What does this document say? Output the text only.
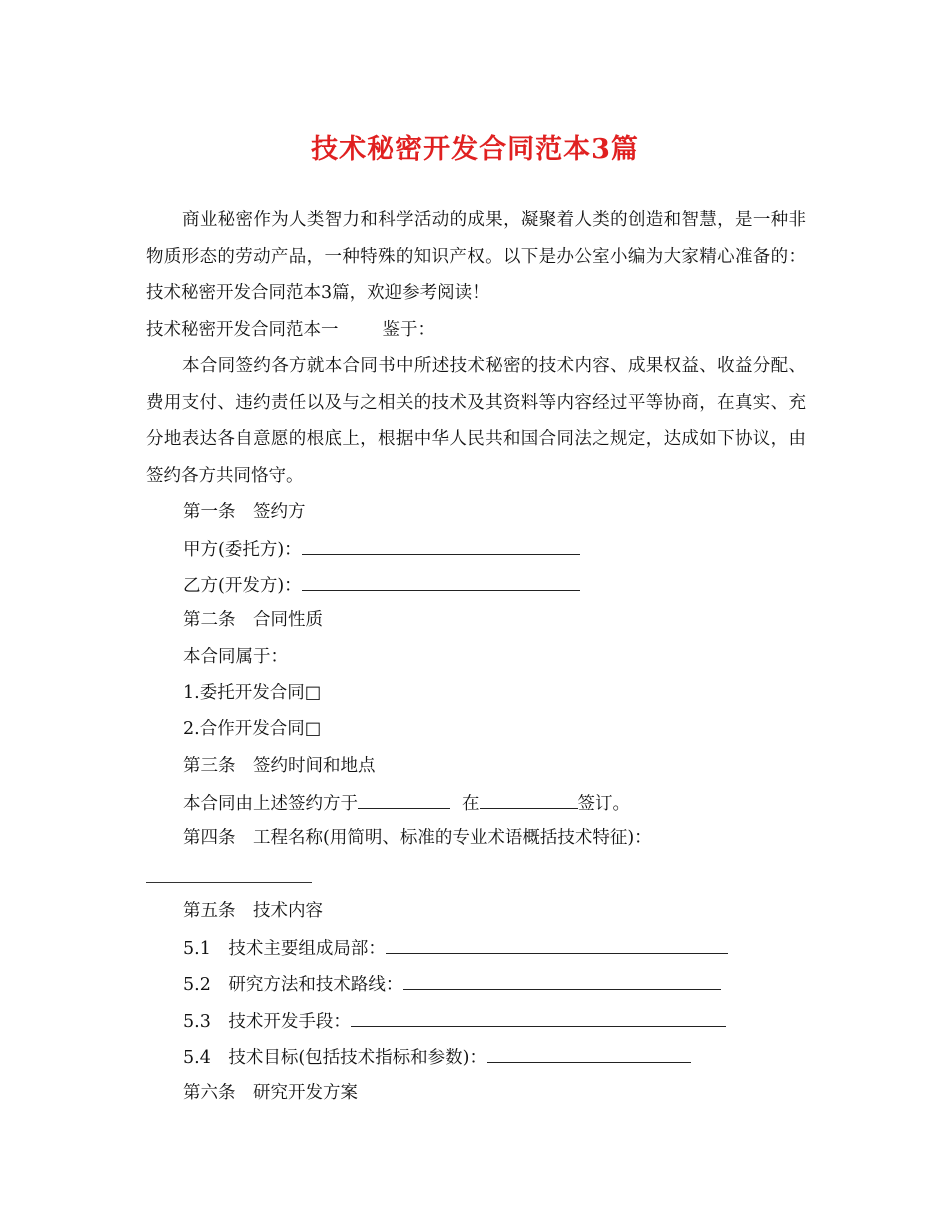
技术秘密开发合同范本3篇
商业秘密作为人类智力和科学活动的成果，凝聚着人类的创造和智慧，是一种非物质形态的劳动产品，一种特殊的知识产权。以下是办公室小编为大家精心准备的：技术秘密开发合同范本3篇，欢迎参考阅读！
技术秘密开发合同范本一	鉴于：
本合同签约各方就本合同书中所述技术秘密的技术内容、成果权益、收益分配、费用支付、违约责任以及与之相关的技术及其资料等内容经过平等协商，在真实、充分地表达各自意愿的根底上，根据中华人民共和国合同法之规定，达成如下协议，由签约各方共同恪守。
第一条　签约方
甲方(委托方)：
乙方(开发方)：
第二条　合同性质
本合同属于：
1.委托开发合同□
2.合作开发合同□
第三条　签约时间和地点
本合同由上述签约方于	在	签订。
第四条　工程名称(用简明、标准的专业术语概括技术特征)：
第五条　技术内容
5.1　技术主要组成局部：
5.2　研究方法和技术路线：
5.3　技术开发手段：
5.4　技术目标(包括技术指标和参数)：
第六条　研究开发方案
